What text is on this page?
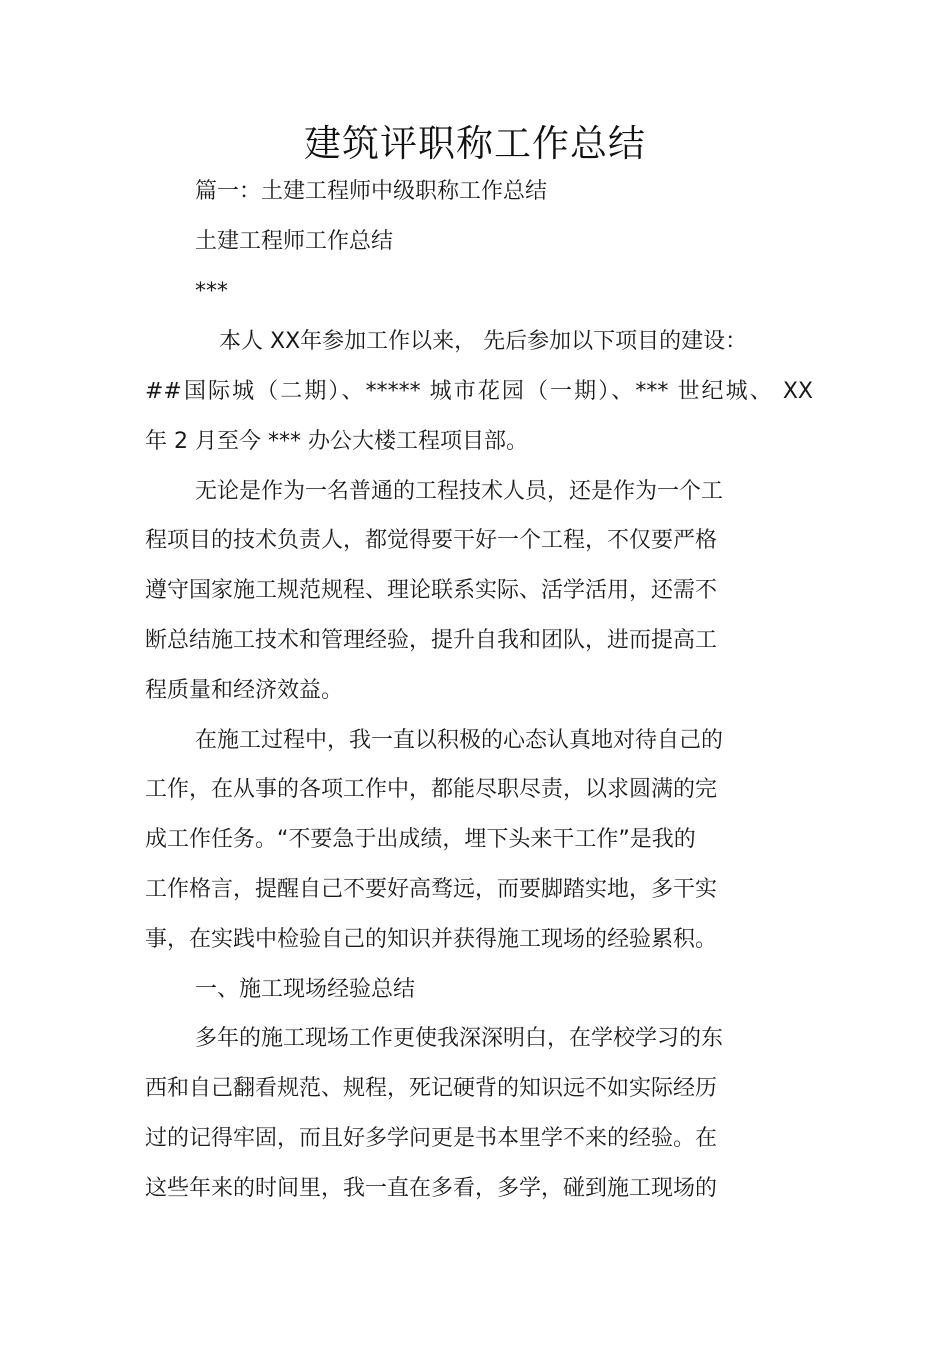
建筑评职称工作总结
篇一：土建工程师中级职称工作总结
土建工程师工作总结
***
本人 XX年参加工作以来， 先后参加以下项目的建设：
##国际城（二期）、***** 城市花园（一期）、*** 世纪城、 XX
年 2 月至今 *** 办公大楼工程项目部。
无论是作为一名普通的工程技术人员，还是作为一个工
程项目的技术负责人，都觉得要干好一个工程，不仅要严格
遵守国家施工规范规程、理论联系实际、活学活用，还需不
断总结施工技术和管理经验，提升自我和团队，进而提高工
程质量和经济效益。
在施工过程中，我一直以积极的心态认真地对待自己的
工作，在从事的各项工作中，都能尽职尽责，以求圆满的完
成工作任务。“不要急于出成绩，埋下头来干工作”是我的
工作格言，提醒自己不要好高骛远，而要脚踏实地，多干实
事，在实践中检验自己的知识并获得施工现场的经验累积。
一、施工现场经验总结
多年的施工现场工作更使我深深明白，在学校学习的东
西和自己翻看规范、规程，死记硬背的知识远不如实际经历
过的记得牢固，而且好多学问更是书本里学不来的经验。在
这些年来的时间里，我一直在多看，多学，碰到施工现场的
